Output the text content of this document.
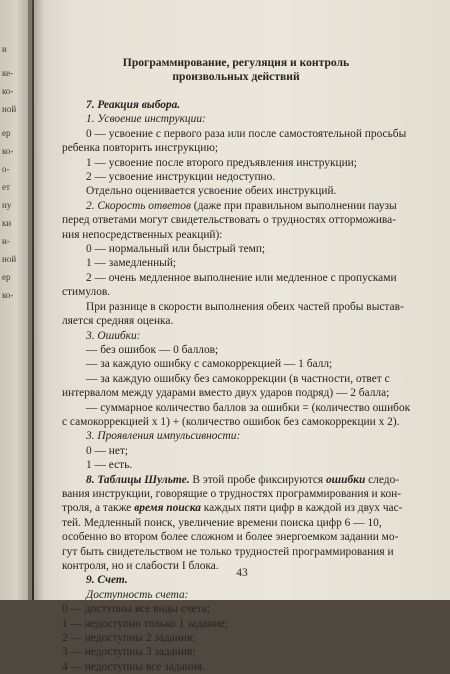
и
ке-
ко-
ной
ер
ко-
о-
ет
ну
ки
и-
ной
ер
ко-
Программирование, регуляция и контроль
произвольных действий
7. Реакция выбора.
1. Усвоение инструкции:
0 — усвоение с первого раза или после самостоятельной просьбы
ребенка повторить инструкцию;
1 — усвоение после второго предъявления инструкции;
2 — усвоение инструкции недоступно.
Отдельно оценивается усвоение обеих инструкций.
2. Скорость ответов (даже при правильном выполнении паузы
перед ответами могут свидетельствовать о трудностях отторможива-
ния непосредственных реакций):
0 — нормальный или быстрый темп;
1 — замедленный;
2 — очень медленное выполнение или медленное с пропусками
стимулов.
При разнице в скорости выполнения обеих частей пробы выстав-
ляется средняя оценка.
3. Ошибки:
— без ошибок — 0 баллов;
— за каждую ошибку с самокоррекцией — 1 балл;
— за каждую ошибку без самокоррекции (в частности, ответ с
интервалом между ударами вместо двух ударов подряд) — 2 балла;
— суммарное количество баллов за ошибки = (количество ошибок
с самокоррекцией x 1) + (количество ошибок без самокоррекции x 2).
3. Проявления импульсивности:
0 — нет;
1 — есть.
8. Таблицы Шульте. В этой пробе фиксируются ошибки следо-
вания инструкции, говорящие о трудностях программирования и кон-
троля, а также время поиска каждых пяти цифр в каждой из двух час-
тей. Медленный поиск, увеличение времени поиска цифр 6 — 10,
особенно во втором более сложном и более энергоемком задании мо-
гут быть свидетельством не только трудностей программирования и
контроля, но и слабости I блока.
9. Счет.
Доступность счета:
0 — доступны все виды счета;
1 — недоступно только 1 задание;
2 — недоступны 2 задания;
3 — недоступны 3 задания;
4 — недоступны все задания.
43
